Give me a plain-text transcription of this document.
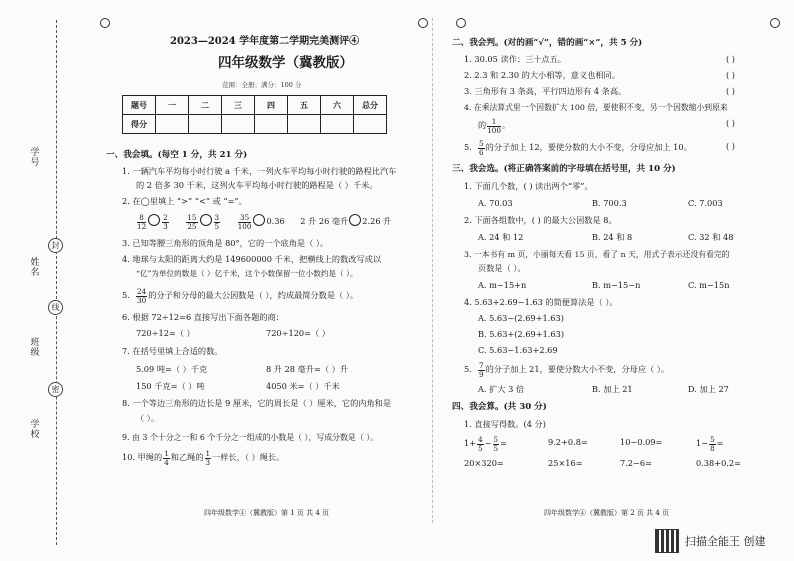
学号
姓名
班级
学校
封
线
密
2023—2024 学年度第二学期完美测评④
四年级数学（冀教版）
范围：全册；满分：100 分
题号	一	二	三	四	五	六	总分
得分							
一、我会填。(每空 1 分，共 21 分)
1. 一辆汽车平均每小时行驶 a 千米，一列火车平均每小时行驶的路程比汽车
的 2 倍多 30 千米，这列火车平均每小时行驶的路程是（ ）千米。
2. 在◯里填上 “>” “<” 或 “=”。
$\frac{8}{12} \frac{2}{3}$
$\frac{15}{25} \frac{3}{5}$
$\frac{35}{100} 0.36$ 2 升 26 毫升 2.26 升
3. 已知等腰三角形的顶角是 80°，它的一个底角是（ ）。
4. 地球与太阳的距离大约是 149600000 千米，把横线上的数改写成以
“亿”为单位的数是（ ）亿千米，这个小数保留一位小数约是（ ）。
5. $\frac{24}{30}$ 的分子和分母的最大公因数是（ ），约成最简分数是（ ）。
6. 根据 72÷12=6 直接写出下面各题的商：
720÷12=（ ）	720÷120=（ ）
7. 在括号里填上合适的数。
5.09 吨=（ ）千克	8 升 28 毫升=（ ）升
150 千克=（ ）吨	4050 米=（ ）千米
8. 一个等边三角形的边长是 9 厘米，它的周长是（ ）厘米，它的内角和是
（ ）。
9. 由 3 个十分之一和 6 个千分之一组成的小数是（ ），写成分数是（ ）。
10. 甲绳的 $\frac{1}{4}$ 和乙绳的 $\frac{1}{3}$ 一样长，（ ）绳长。
四年级数学④（冀教版）第 1 页 共 4 页
二、我会判。(对的画“√”，错的画“×”，共 5 分)
1. 30.05 读作：三十点五。	( )
2. 2.3 和 2.30 的大小相等，意义也相同。	( )
3. 三角形有 3 条高，平行四边形有 4 条高。	( )
4. 在乘法算式里一个因数扩大 100 倍，要使积不变，另一个因数缩小到原来
的 $\frac{1}{100}$ 。	( )
5. $\frac{5}{6}$ 的分子加上 12，要使分数的大小不变，分母应加上 10。	( )
三、我会选。(将正确答案前的字母填在括号里，共 10 分)
1. 下面几个数，( ) 读出两个“零”。
A. 70.03	B. 700.3	C. 7.003
2. 下面各组数中，( ) 的最大公因数是 8。
A. 24 和 12	B. 24 和 8	C. 32 和 48
3. 一本书有 m 页，小丽每天看 15 页，看了 n 天，用式子表示还没有看完的
页数是（ ）。
A. m−15+n	B. m−15−n	C. m−15n
4. 5.63+2.69−1.63 的简便算法是（ ）。
A. 5.63−(2.69+1.63)
B. 5.63+(2.69+1.63)
C. 5.63−1.63+2.69
5. $\frac{7}{9}$ 的分子加上 21，要使分数大小不变，分母应（ ）。
A. 扩大 3 倍	B. 加上 21	D. 加上 27
四、我会算。(共 30 分)
1. 直接写得数。(4 分)
$1+ \frac{4}{5} - \frac{5}{5}$ =	9.2+0.8=	10−0.09=	$1- \frac{5}{8}$ =
20×320=	25×16=	7.2−6=	0.38+0.2=
四年级数学④（冀教版）第 2 页 共 4 页
扫描全能王 创建
